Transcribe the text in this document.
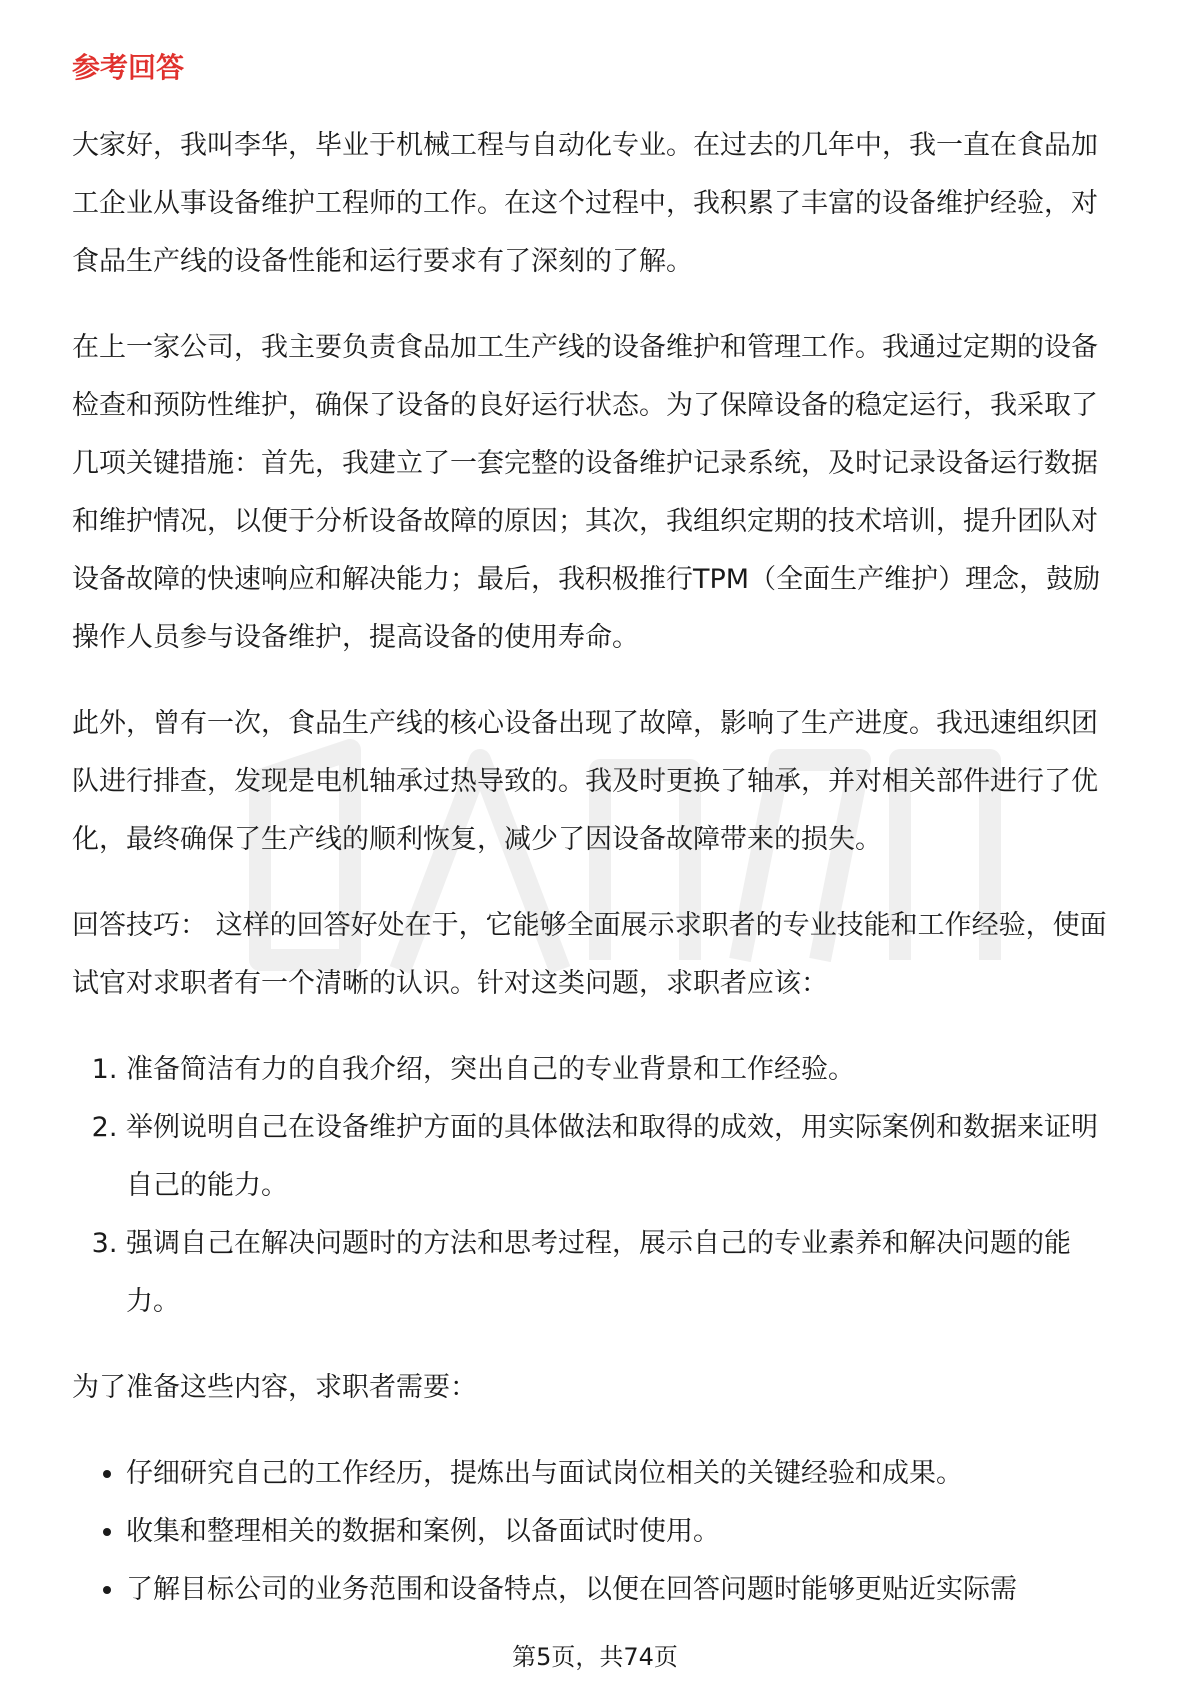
参考回答

大家好，我叫李华，毕业于机械工程与自动化专业。在过去的几年中，我一直在食品加工企业从事设备维护工程师的工作。在这个过程中，我积累了丰富的设备维护经验，对食品生产线的设备性能和运行要求有了深刻的了解。

在上一家公司，我主要负责食品加工生产线的设备维护和管理工作。我通过定期的设备检查和预防性维护，确保了设备的良好运行状态。为了保障设备的稳定运行，我采取了几项关键措施：首先，我建立了一套完整的设备维护记录系统，及时记录设备运行数据和维护情况，以便于分析设备故障的原因；其次，我组织定期的技术培训，提升团队对设备故障的快速响应和解决能力；最后，我积极推行TPM（全面生产维护）理念，鼓励操作人员参与设备维护，提高设备的使用寿命。

此外，曾有一次，食品生产线的核心设备出现了故障，影响了生产进度。我迅速组织团队进行排查，发现是电机轴承过热导致的。我及时更换了轴承，并对相关部件进行了优化，最终确保了生产线的顺利恢复，减少了因设备故障带来的损失。

回答技巧： 这样的回答好处在于，它能够全面展示求职者的专业技能和工作经验，使面试官对求职者有一个清晰的认识。针对这类问题，求职者应该：

1. 准备简洁有力的自我介绍，突出自己的专业背景和工作经验。
2. 举例说明自己在设备维护方面的具体做法和取得的成效，用实际案例和数据来证明自己的能力。
3. 强调自己在解决问题时的方法和思考过程，展示自己的专业素养和解决问题的能力。

为了准备这些内容，求职者需要：

• 仔细研究自己的工作经历，提炼出与面试岗位相关的关键经验和成果。
• 收集和整理相关的数据和案例，以备面试时使用。
• 了解目标公司的业务范围和设备特点，以便在回答问题时能够更贴近实际需
第5页，共74页
